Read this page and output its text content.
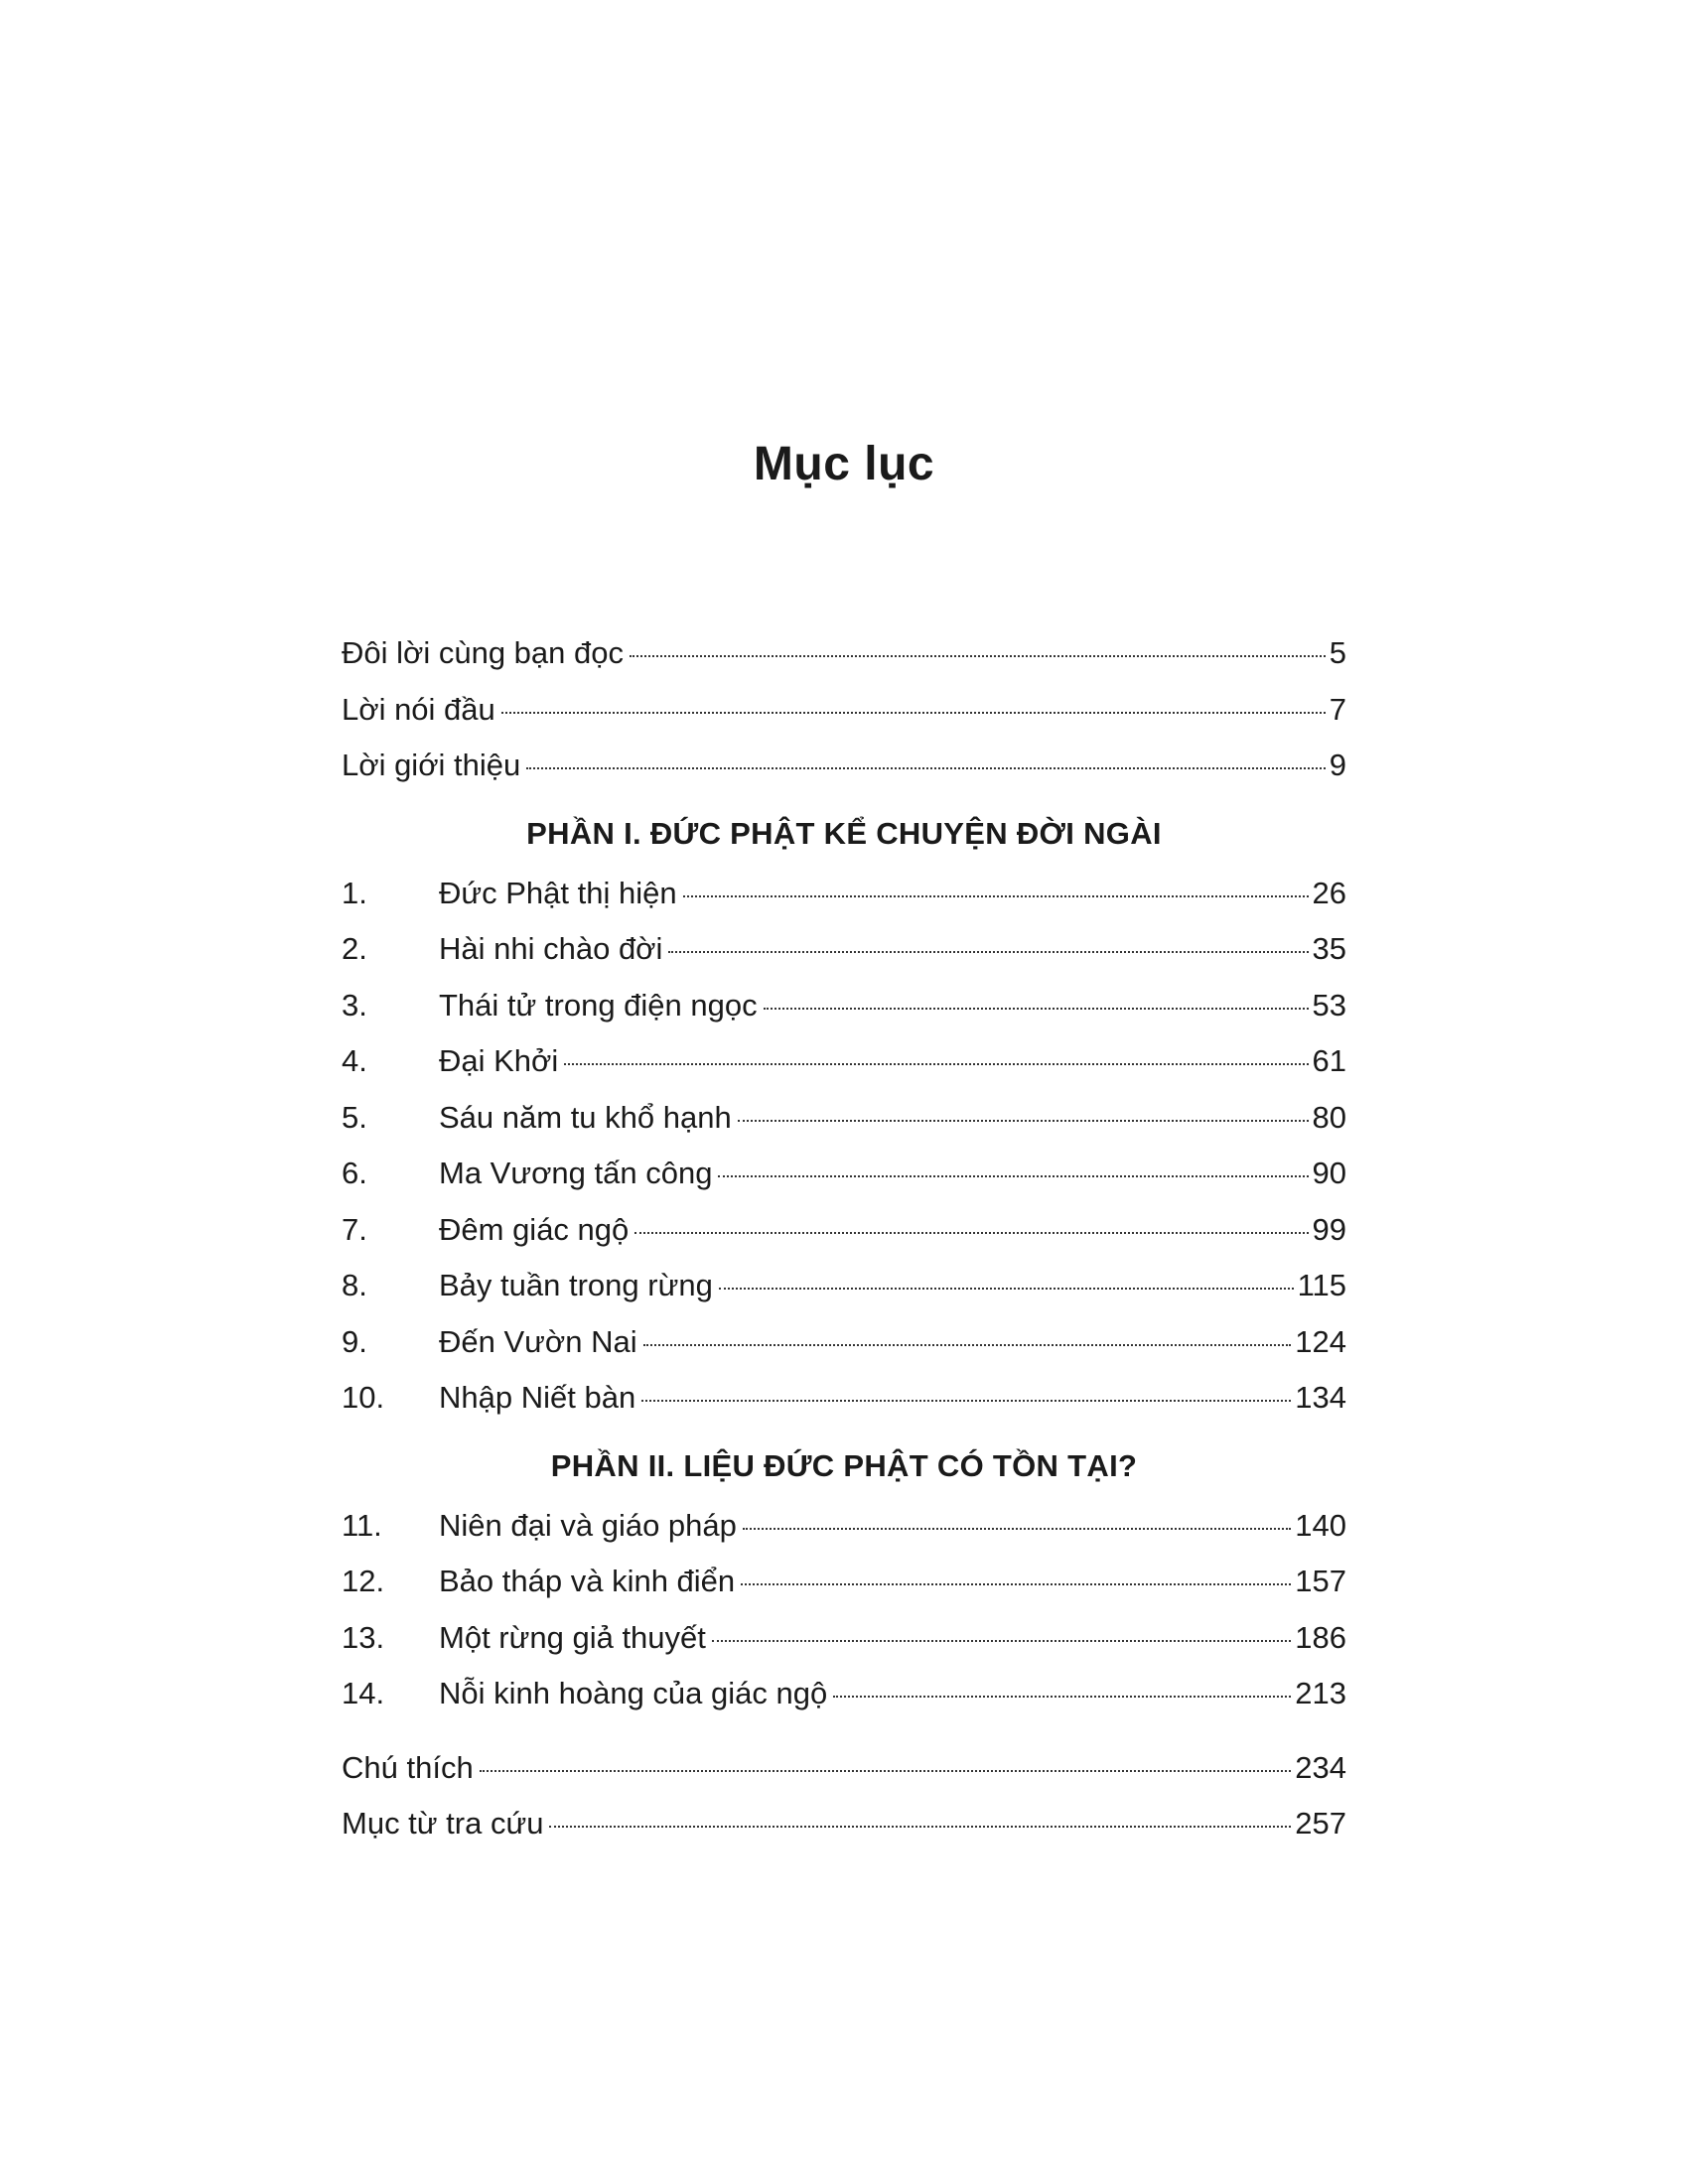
Mục lục
Đôi lời cùng bạn đọc	5
Lời nói đầu	7
Lời giới thiệu	9
PHẦN I. ĐỨC PHẬT KỂ CHUYỆN ĐỜI NGÀI
1.	Đức Phật thị hiện	26
2.	Hài nhi chào đời	35
3.	Thái tử trong điện ngọc	53
4.	Đại Khởi	61
5.	Sáu năm tu khổ hạnh	80
6.	Ma Vương tấn công	90
7.	Đêm giác ngộ	99
8.	Bảy tuần trong rừng	115
9.	Đến Vườn Nai	124
10.	Nhập Niết bàn	134
PHẦN II. LIỆU ĐỨC PHẬT CÓ TỒN TẠI?
11.	Niên đại và giáo pháp	140
12.	Bảo tháp và kinh điển	157
13.	Một rừng giả thuyết	186
14.	Nỗi kinh hoàng của giác ngộ	213
Chú thích	234
Mục từ tra cứu	257
